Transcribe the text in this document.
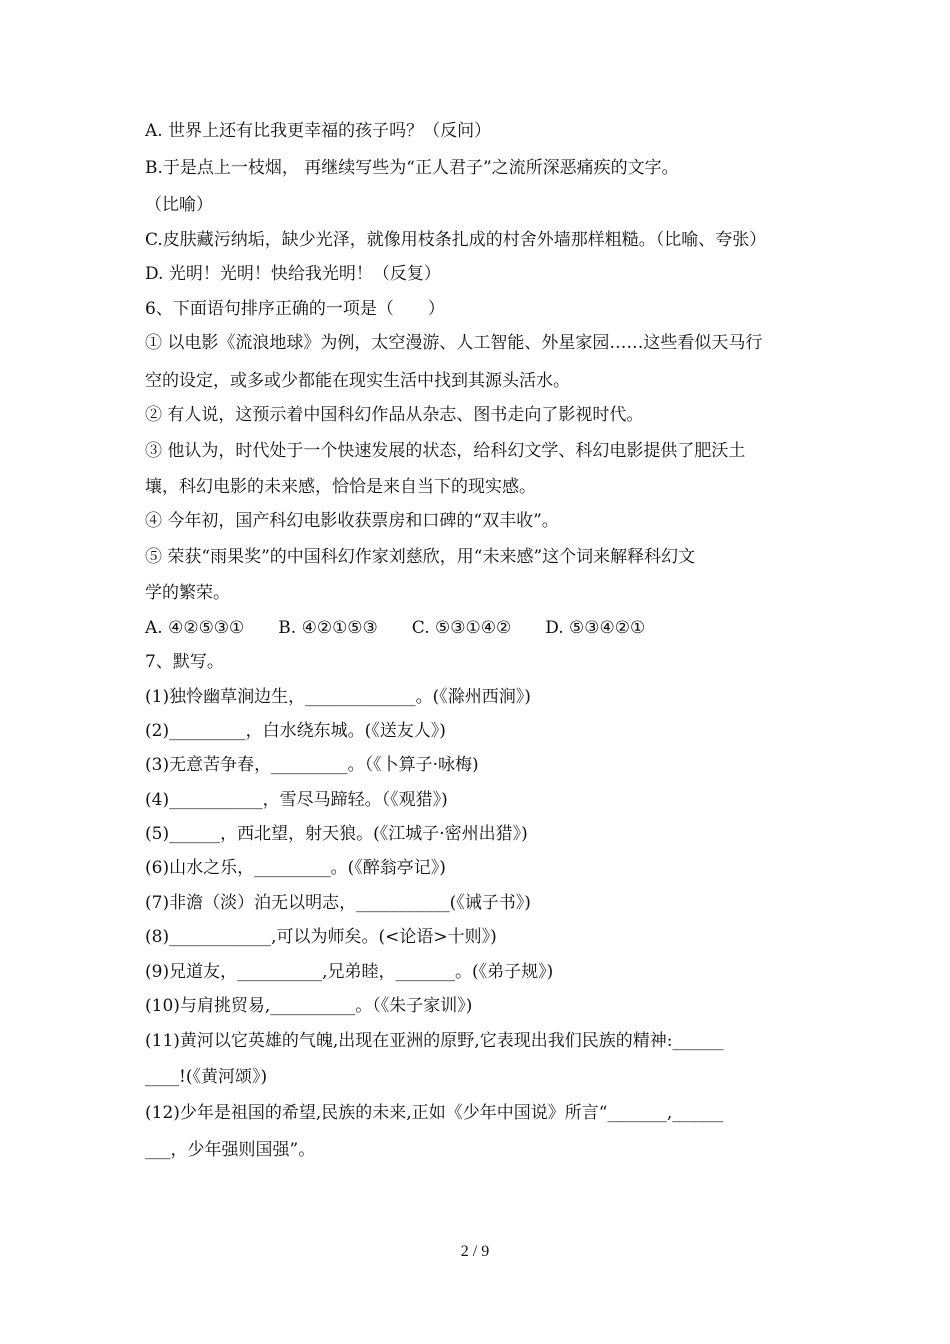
A. 世界上还有比我更幸福的孩子吗？（反问）
B.于是点上一枝烟， 再继续写些为“正人君子”之流所深恶痛疾的文字。
（比喻）
C.皮肤藏污纳垢，缺少光泽，就像用枝条扎成的村舍外墙那样粗糙。（比喻、夸张）
D. 光明！光明！快给我光明！（反复）
6、下面语句排序正确的一项是（　　）
① 以电影《流浪地球》为例，太空漫游、人工智能、外星家园……这些看似天马行
空的设定，或多或少都能在现实生活中找到其源头活水。
② 有人说，这预示着中国科幻作品从杂志、图书走向了影视时代。
③ 他认为，时代处于一个快速发展的状态，给科幻文学、科幻电影提供了肥沃土
壤，科幻电影的未来感，恰恰是来自当下的现实感。
④ 今年初，国产科幻电影收获票房和口碑的“双丰收”。
⑤ 荣获“雨果奖”的中国科幻作家刘慈欣，用“未来感”这个词来解释科幻文
学的繁荣。
A. ④②⑤③①　　B. ④②①⑤③　　C. ⑤③①④②　　D. ⑤③④②①
7、默写。
(1)独怜幽草涧边生，_____________。(《滁州西涧》)
(2)_________，白水绕东城。(《送友人》)
(3)无意苦争春，_________。（《卜算子·咏梅)
(4)___________，雪尽马蹄轻。（《观猎》)
(5)______，西北望，射天狼。(《江城子·密州出猎》)
(6)山水之乐，_________。(《醉翁亭记》)
(7)非澹（淡）泊无以明志，___________(《诫子书》)
(8)____________,可以为师矣。(<论语>十则》)
(9)兄道友，__________,兄弟睦，_______。(《弟子规》)
(10)与肩挑贸易,__________。（《朱子家训》)
(11)黄河以它英雄的气魄,出现在亚洲的原野,它表现出我们民族的精神:______
____!(《黄河颂》)
(12)少年是祖国的希望,民族的未来,正如《少年中国说》所言“_______,______
___，少年强则国强”。
2 / 9
